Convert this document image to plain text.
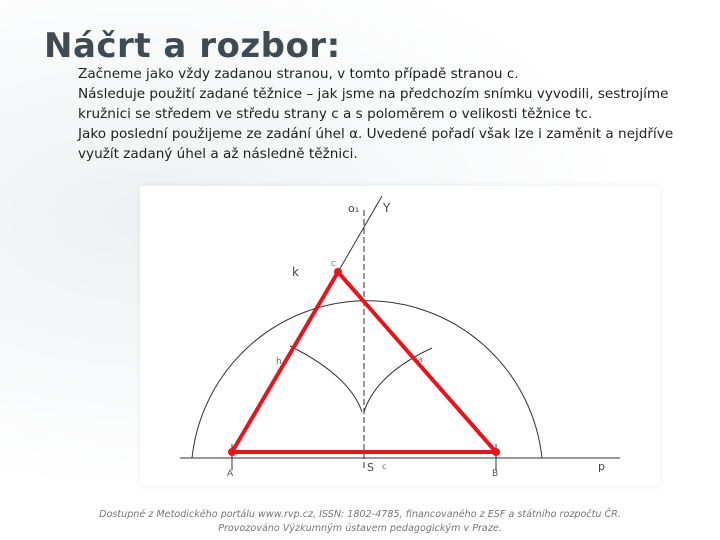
Náčrt a rozbor:

Začneme jako vždy zadanou stranou, v tomto případě stranou c.

Následuje použití zadané těžnice – jak jsme na předchozím snímku vyvodili, sestrojíme kružnici se středem ve středu strany c a s poloměrem o velikosti těžnice tc.

Jako poslední použijeme ze zadání úhel α. Uvedené pořadí však lze i zaměnit a nejdříve využít zadaný úhel a až následně těžnici.

o₁ Y
C
k
h	a
A	S c
B
p
Dostupné z Metodického portálu www.rvp.cz, ISSN: 1802-4785, financovaného z ESF a státního rozpočtu ČR.
Provozováno Výzkumným ústavem pedagogickým v Praze.
